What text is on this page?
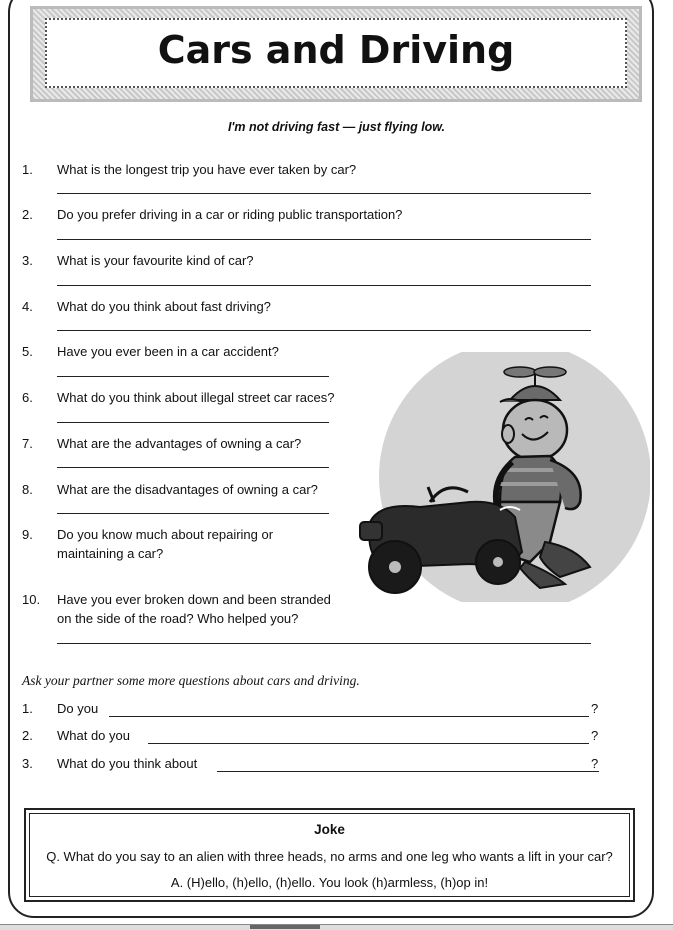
Cars and Driving
I'm not driving fast — just flying low.
1.	What is the longest trip you have ever taken by car?
2.	Do you prefer driving in a car or riding public transportation?
3.	What is your favourite kind of car?
4.	What do you think about fast driving?
5.	Have you ever been in a car accident?
6.	What do you think about illegal street car races?
7.	What are the advantages of owning a car?
8.	What are the disadvantages of owning a car?
9.	Do you know much about repairing or
maintaining a car?
10.	Have you ever broken down and been stranded
on the side of the road? Who helped you?
Ask your partner some more questions about cars and driving.
1. Do you	?
2. What do you	?
3. What do you think about	?
Joke
Q. What do you say to an alien with three heads, no arms and one leg who wants a lift in your car?
A. (H)ello, (h)ello, (h)ello. You look (h)armless, (h)op in!
